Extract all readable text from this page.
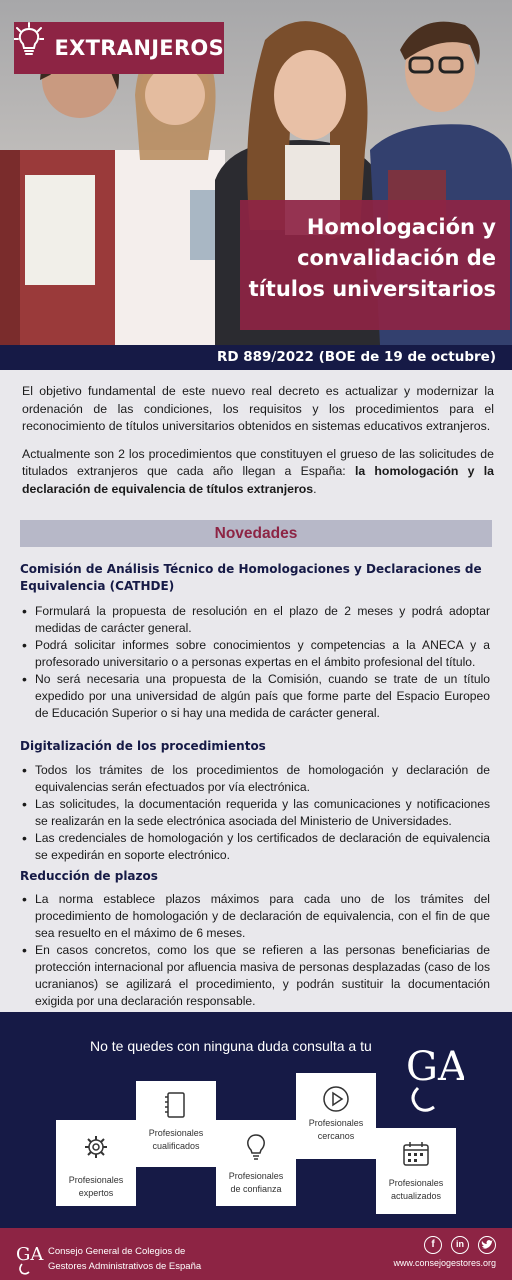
EXTRANJEROS
Homologación y
convalidación de
títulos universitarios
RD 889/2022 (BOE de 19 de octubre)

El objetivo fundamental de este nuevo real decreto es actualizar y modernizar la ordenación de las condiciones, los requisitos y los procedimientos para el reconocimiento de títulos universitarios obtenidos en sistemas educativos extranjeros.

Actualmente son 2 los procedimientos que constituyen el grueso de las solicitudes de titulados extranjeros que cada año llegan a España: la homologación y la declaración de equivalencia de títulos extranjeros.

Novedades
Comisión de Análisis Técnico de Homologaciones y Declaraciones de Equivalencia (CATHDE)
• Formulará la propuesta de resolución en el plazo de 2 meses y podrá adoptar medidas de carácter general.
• Podrá solicitar informes sobre conocimientos y competencias a la ANECA y a profesorado universitario o a personas expertas en el ámbito profesional del título.
• No será necesaria una propuesta de la Comisión, cuando se trate de un título expedido por una universidad de algún país que forme parte del Espacio Europeo de Educación Superior o si hay una medida de carácter general.
Digitalización de los procedimientos
• Todos los trámites de los procedimientos de homologación y declaración de equivalencias serán efectuados por vía electrónica.
• Las solicitudes, la documentación requerida y las comunicaciones y notificaciones se realizarán en la sede electrónica asociada del Ministerio de Universidades.
• Las credenciales de homologación y los certificados de declaración de equivalencia se expedirán en soporte electrónico.
Reducción de plazos
• La norma establece plazos máximos para cada uno de los trámites del procedimiento de homologación y de declaración de equivalencia, con el fin de que sea resuelto en el máximo de 6 meses.
• En casos concretos, como los que se refieren a las personas beneficiarias de protección internacional por afluencia masiva de personas desplazadas (caso de los ucranianos) se agilizará el procedimiento, y podrán sustituir la documentación exigida por una declaración responsable.
No te quedes con ninguna duda consulta a tu GA
Profesionales
expertos
Profesionales
cualificados
Profesionales
de confianza
Profesionales
cercanos
Profesionales
actualizados
GA Consejo General de Colegios de
Gestores Administrativos de España
f	in
www.consejogestores.org
